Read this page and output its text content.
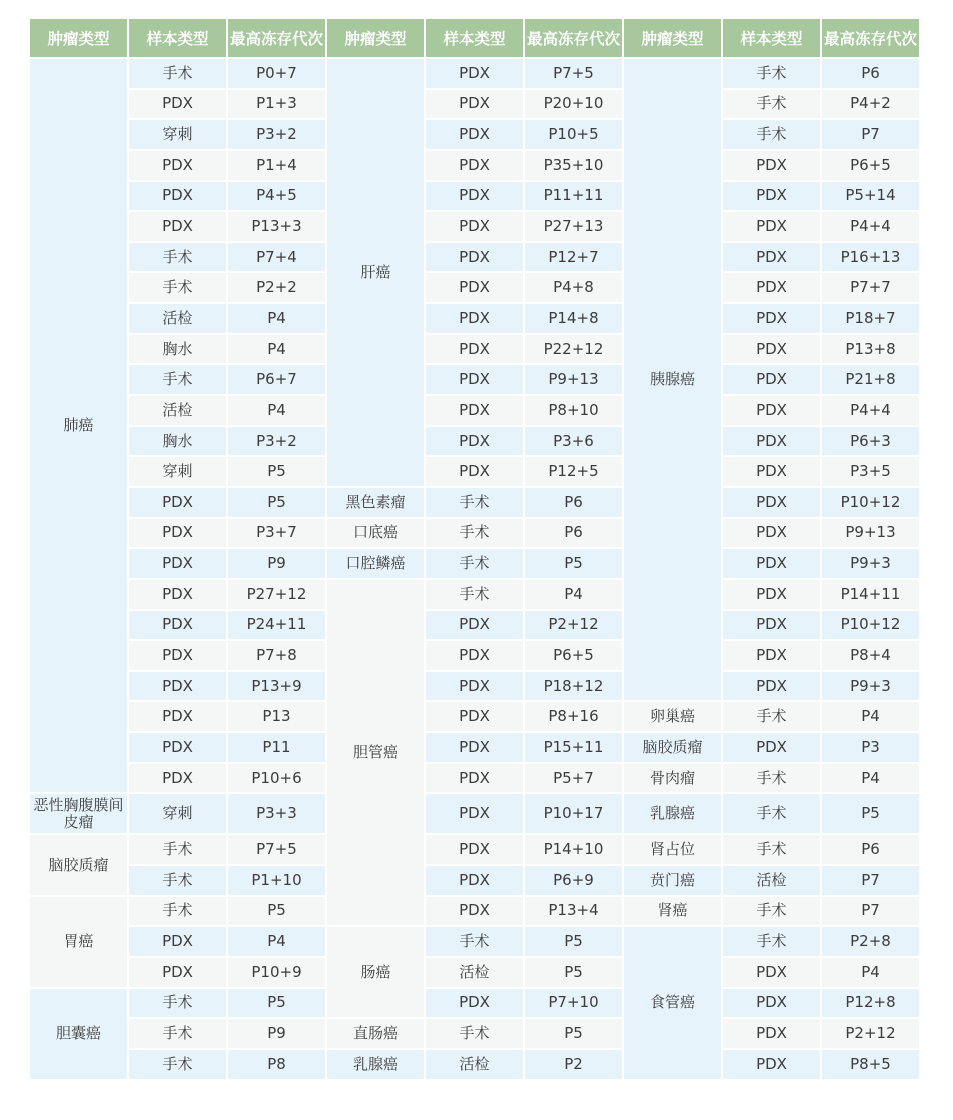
肿瘤类型	样本类型	最高冻存代次	肿瘤类型	样本类型	最高冻存代次	肿瘤类型	样本类型	最高冻存代次
肺癌	手术	P0+7	肝癌	PDX	P7+5	胰腺癌	手术	P6
	PDX	P1+3		PDX	P20+10		手术	P4+2
	穿刺	P3+2		PDX	P10+5		手术	P7
	PDX	P1+4		PDX	P35+10		PDX	P6+5
	PDX	P4+5		PDX	P11+11		PDX	P5+14
	PDX	P13+3		PDX	P27+13		PDX	P4+4
	手术	P7+4		PDX	P12+7		PDX	P16+13
	手术	P2+2		PDX	P4+8		PDX	P7+7
	活检	P4		PDX	P14+8		PDX	P18+7
	胸水	P4		PDX	P22+12		PDX	P13+8
	手术	P6+7		PDX	P9+13		PDX	P21+8
	活检	P4		PDX	P8+10		PDX	P4+4
	胸水	P3+2		PDX	P3+6		PDX	P6+3
	穿刺	P5		PDX	P12+5		PDX	P3+5
	PDX	P5	黑色素瘤	手术	P6		PDX	P10+12
	PDX	P3+7	口底癌	手术	P6		PDX	P9+13
	PDX	P9	口腔鳞癌	手术	P5		PDX	P9+3
	PDX	P27+12	胆管癌	手术	P4		PDX	P14+11
	PDX	P24+11		PDX	P2+12		PDX	P10+12
	PDX	P7+8		PDX	P6+5		PDX	P8+4
	PDX	P13+9		PDX	P18+12		PDX	P9+3
	PDX	P13		PDX	P8+16	卵巢癌	手术	P4
	PDX	P11		PDX	P15+11	脑胶质瘤	PDX	P3
	PDX	P10+6		PDX	P5+7	骨肉瘤	手术	P4
恶性胸腹膜间皮瘤	穿刺	P3+3		PDX	P10+17	乳腺癌	手术	P5
脑胶质瘤	手术	P7+5		PDX	P14+10	肾占位	手术	P6
	手术	P1+10		PDX	P6+9	贲门癌	活检	P7
胃癌	手术	P5		PDX	P13+4	肾癌	手术	P7
	PDX	P4	肠癌	手术	P5	食管癌	手术	P2+8
	PDX	P10+9		活检	P5		PDX	P4
胆囊癌	手术	P5		PDX	P7+10		PDX	P12+8
	手术	P9	直肠癌	手术	P5		PDX	P2+12
	手术	P8	乳腺癌	活检	P2		PDX	P8+5
